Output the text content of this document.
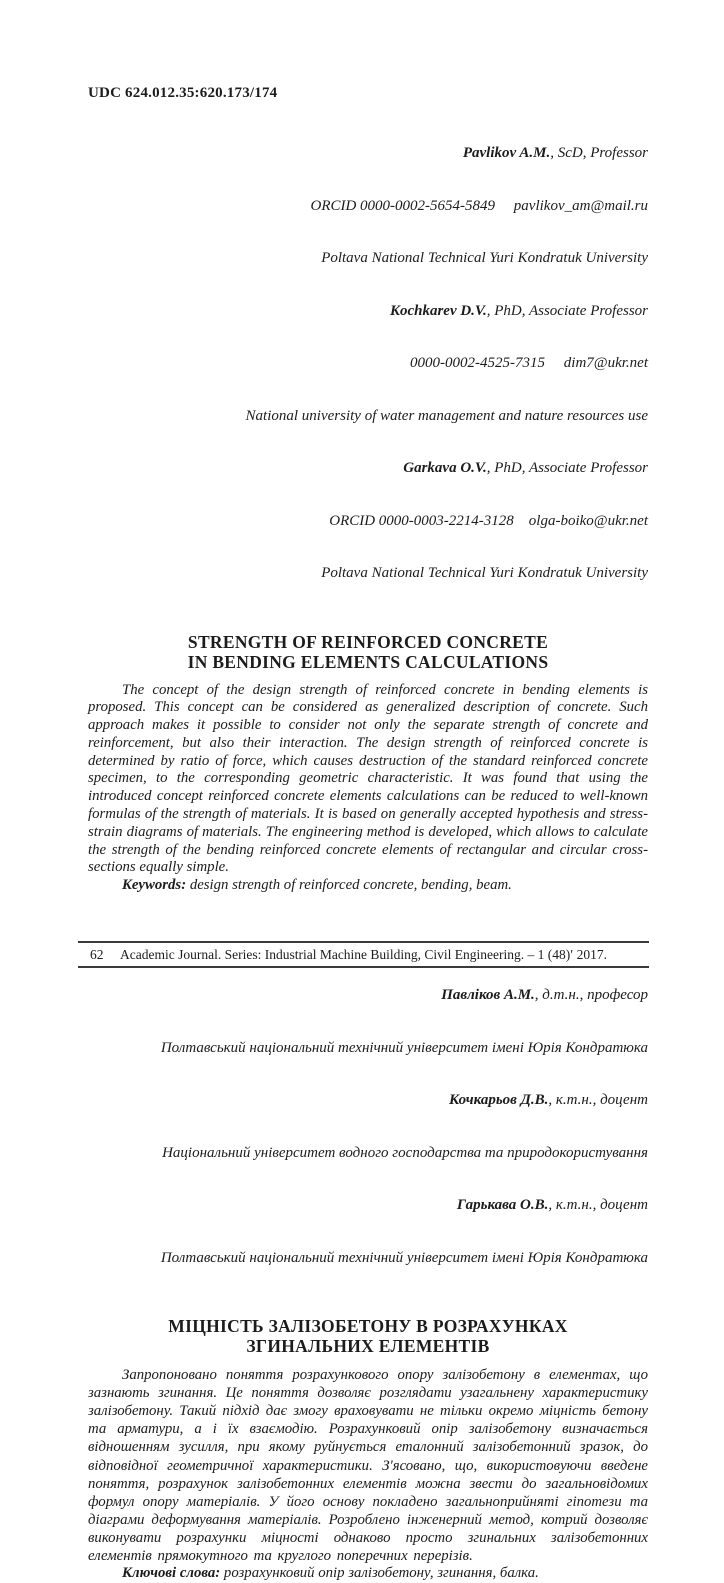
UDC 624.012.35:620.173/174

Pavlikov A.M., ScD, Professor

ORCID 0000-0002-5654-5849     pavlikov_am@mail.ru

Poltava National Technical Yuri Kondratuk University

Kochkarev D.V., PhD, Associate Professor

0000-0002-4525-7315     dim7@ukr.net

National university of water management and nature resources use

Garkava O.V., PhD, Associate Professor

ORCID 0000-0003-2214-3128    olga-boiko@ukr.net

Poltava National Technical Yuri Kondratuk University

STRENGTH OF REINFORCED CONCRETE
IN BENDING ELEMENTS CALCULATIONS

The concept of the design strength of reinforced concrete in bending elements is proposed. This concept can be considered as generalized description of concrete. Such approach makes it possible to consider not only the separate strength of concrete and reinforcement, but also their interaction. The design strength of reinforced concrete is determined by ratio of force, which causes destruction of the standard reinforced concrete specimen, to the corresponding geometric characteristic. It was found that using the introduced concept reinforced concrete elements calculations can be reduced to well-known formulas of the strength of materials. It is based on generally accepted hypothesis and stress-strain diagrams of materials. The engineering method is developed, which allows to calculate the strength of the bending reinforced concrete elements of rectangular and circular cross-sections equally simple.

Keywords: design strength of reinforced concrete, bending, beam.

Павліков А.М., д.т.н., професор

Полтавський національний технічний університет імені Юрія Кондратюка

Кочкарьов Д.В., к.т.н., доцент

Національний університет водного господарства та природокористування

Гарькава О.В., к.т.н., доцент

Полтавський національний технічний університет імені Юрія Кондратюка

МІЦНІСТЬ ЗАЛІЗОБЕТОНУ В РОЗРАХУНКАХ
ЗГИНАЛЬНИХ ЕЛЕМЕНТІВ

Запропоновано поняття розрахункового опору залізобетону в елементах, що зазнають згинання. Це поняття дозволяє розглядати узагальнену характеристику залізобетону. Такий підхід дає змогу враховувати не тільки окремо міцність бетону та арматури, а і їх взаємодію. Розрахунковий опір залізобетону визначається відношенням зусилля, при якому руйнується еталонний залізобетонний зразок, до відповідної геометричної характеристики. З'ясовано, що, використовуючи введене поняття, розрахунок залізобетонних елементів можна звести до загальновідомих формул опору матеріалів. У його основу покладено загальноприйняті гіпотези та діаграми деформування матеріалів. Розроблено інженерний метод, котрий дозволяє виконувати розрахунки міцності однаково просто згинальних залізобетонних елементів прямокутного та круглого поперечних перерізів.

Ключові слова: розрахунковий опір залізобетону, згинання, балка.

62 Academic Journal. Series: Industrial Machine Building, Civil Engineering. – 1 (48)′ 2017.
